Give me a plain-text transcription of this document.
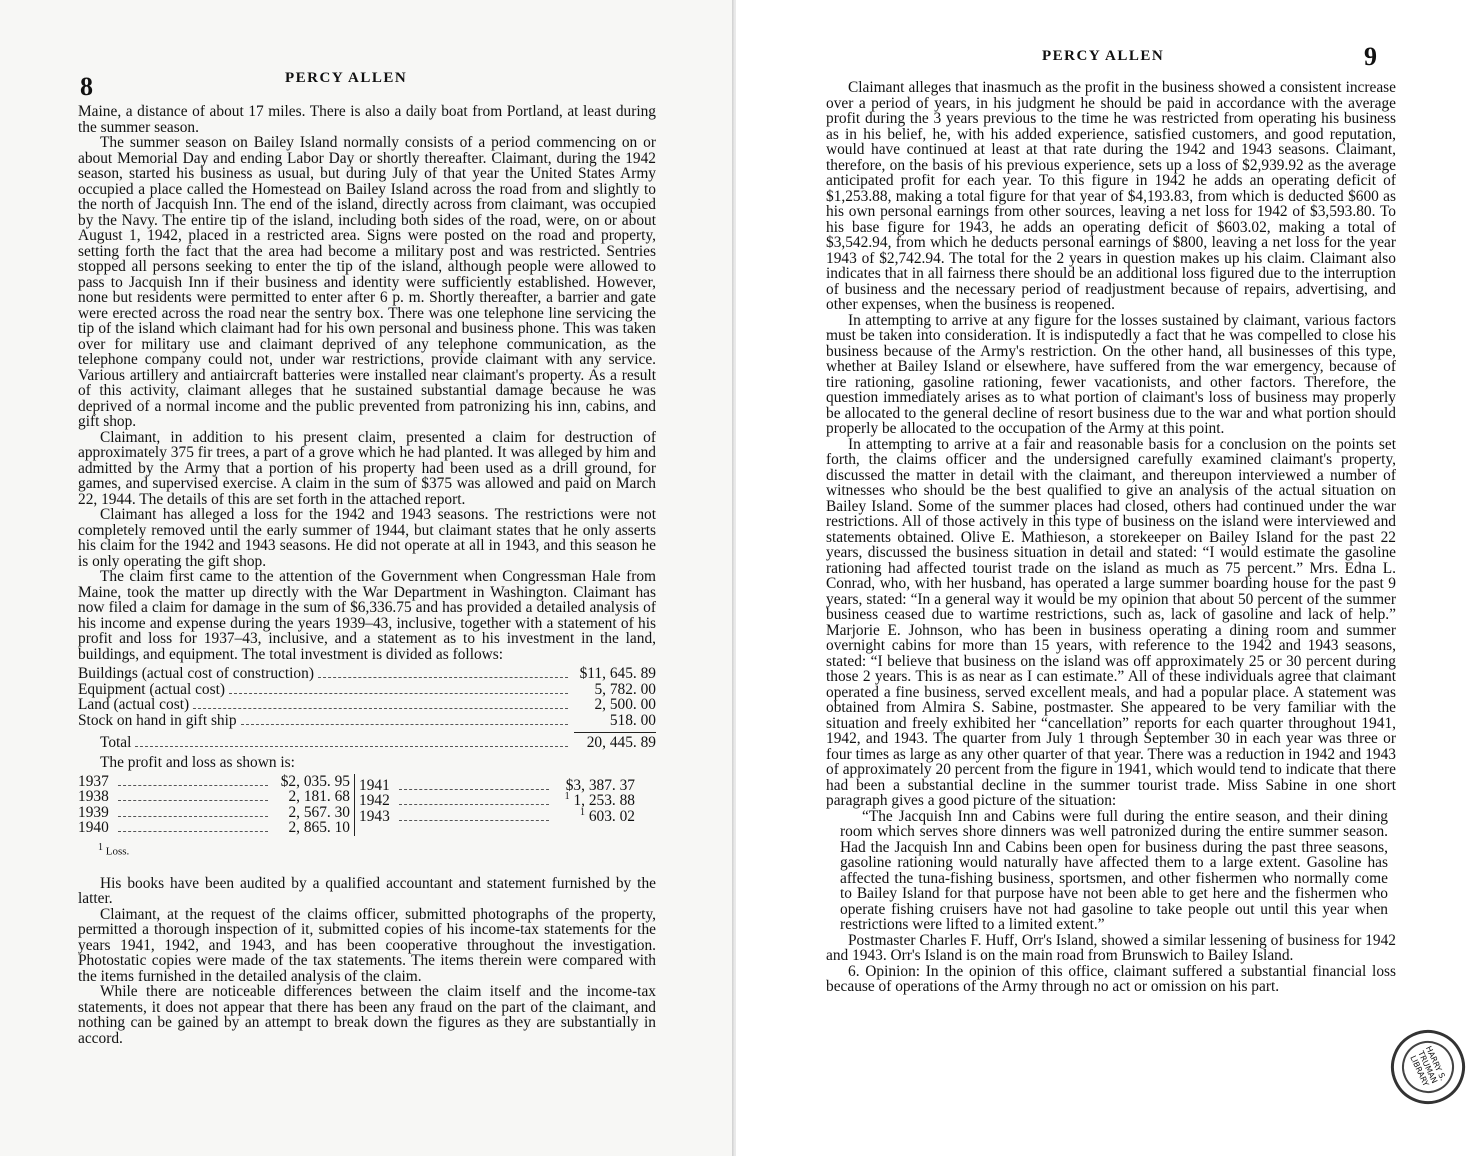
8	PERCY ALLEN

Maine, a distance of about 17 miles. There is also a daily boat from Portland, at least during the summer season.

The summer season on Bailey Island normally consists of a period commencing on or about Memorial Day and ending Labor Day or shortly thereafter. Claimant, during the 1942 season, started his business as usual, but during July of that year the United States Army occupied a place called the Homestead on Bailey Island across the road from and slightly to the north of Jacquish Inn. The end of the island, directly across from claimant, was occupied by the Navy. The entire tip of the island, including both sides of the road, were, on or about August 1, 1942, placed in a restricted area. Signs were posted on the road and property, setting forth the fact that the area had become a military post and was restricted. Sentries stopped all persons seeking to enter the tip of the island, although people were allowed to pass to Jacquish Inn if their business and identity were sufficiently established. However, none but residents were permitted to enter after 6 p. m. Shortly thereafter, a barrier and gate were erected across the road near the sentry box. There was one telephone line servicing the tip of the island which claimant had for his own personal and business phone. This was taken over for military use and claimant deprived of any telephone communication, as the telephone company could not, under war restrictions, provide claimant with any service. Various artillery and antiaircraft batteries were installed near claimant's property. As a result of this activity, claimant alleges that he sustained substantial damage because he was deprived of a normal income and the public prevented from patronizing his inn, cabins, and gift shop.

Claimant, in addition to his present claim, presented a claim for destruction of approximately 375 fir trees, a part of a grove which he had planted. It was alleged by him and admitted by the Army that a portion of his property had been used as a drill ground, for games, and supervised exercise. A claim in the sum of $375 was allowed and paid on March 22, 1944. The details of this are set forth in the attached report.

Claimant has alleged a loss for the 1942 and 1943 seasons. The restrictions were not completely removed until the early summer of 1944, but claimant states that he only asserts his claim for the 1942 and 1943 seasons. He did not operate at all in 1943, and this season he is only operating the gift shop.

The claim first came to the attention of the Government when Congressman Hale from Maine, took the matter up directly with the War Department in Washington. Claimant has now filed a claim for damage in the sum of $6,336.75 and has provided a detailed analysis of his income and expense during the years 1939–43, inclusive, together with a statement of his profit and loss for 1937–43, inclusive, and a statement as to his investment in the land, buildings, and equipment. The total investment is divided as follows:

Buildings (actual cost of construction)	$11, 645. 89
Equipment (actual cost)	5, 782. 00
Land (actual cost)	2, 500. 00
Stock on hand in gift ship	518. 00
Total	20, 445. 89

The profit and loss as shown is:

1937	$2, 035. 95
1938	2, 181. 68
1939	2, 567. 30
1940	2, 865. 10
1941	$3, 387. 37
1942	$^1$ 1, 253. 88
1943	$^1$ 603. 02
1 Loss.

His books have been audited by a qualified accountant and statement furnished by the latter.

Claimant, at the request of the claims officer, submitted photographs of the property, permitted a thorough inspection of it, submitted copies of his income-tax statements for the years 1941, 1942, and 1943, and has been cooperative throughout the investigation. Photostatic copies were made of the tax statements. The items therein were compared with the items furnished in the detailed analysis of the claim.

While there are noticeable differences between the claim itself and the income-tax statements, it does not appear that there has been any fraud on the part of the claimant, and nothing can be gained by an attempt to break down the figures as they are substantially in accord.

PERCY ALLEN	9

Claimant alleges that inasmuch as the profit in the business showed a consistent increase over a period of years, in his judgment he should be paid in accordance with the average profit during the 3 years previous to the time he was restricted from operating his business as in his belief, he, with his added experience, satisfied customers, and good reputation, would have continued at least at that rate during the 1942 and 1943 seasons. Claimant, therefore, on the basis of his previous experience, sets up a loss of $2,939.92 as the average anticipated profit for each year. To this figure in 1942 he adds an operating deficit of $1,253.88, making a total figure for that year of $4,193.83, from which is deducted $600 as his own personal earnings from other sources, leaving a net loss for 1942 of $3,593.80. To his base figure for 1943, he adds an operating deficit of $603.02, making a total of $3,542.94, from which he deducts personal earnings of $800, leaving a net loss for the year 1943 of $2,742.94. The total for the 2 years in question makes up his claim. Claimant also indicates that in all fairness there should be an additional loss figured due to the interruption of business and the necessary period of readjustment because of repairs, advertising, and other expenses, when the business is reopened.

In attempting to arrive at any figure for the losses sustained by claimant, various factors must be taken into consideration. It is indisputedly a fact that he was compelled to close his business because of the Army's restriction. On the other hand, all businesses of this type, whether at Bailey Island or elsewhere, have suffered from the war emergency, because of tire rationing, gasoline rationing, fewer vacationists, and other factors. Therefore, the question immediately arises as to what portion of claimant's loss of business may properly be allocated to the general decline of resort business due to the war and what portion should properly be allocated to the occupation of the Army at this point.

In attempting to arrive at a fair and reasonable basis for a conclusion on the points set forth, the claims officer and the undersigned carefully examined claimant's property, discussed the matter in detail with the claimant, and thereupon interviewed a number of witnesses who should be the best qualified to give an analysis of the actual situation on Bailey Island. Some of the summer places had closed, others had continued under the war restrictions. All of those actively in this type of business on the island were interviewed and statements obtained. Olive E. Mathieson, a storekeeper on Bailey Island for the past 22 years, discussed the business situation in detail and stated: “I would estimate the gasoline rationing had affected tourist trade on the island as much as 75 percent.” Mrs. Edna L. Conrad, who, with her husband, has operated a large summer boarding house for the past 9 years, stated: “In a general way it would be my opinion that about 50 percent of the summer business ceased due to wartime restrictions, such as, lack of gasoline and lack of help.” Marjorie E. Johnson, who has been in business operating a dining room and summer overnight cabins for more than 15 years, with reference to the 1942 and 1943 seasons, stated: “I believe that business on the island was off approximately 25 or 30 percent during those 2 years. This is as near as I can estimate.” All of these individuals agree that claimant operated a fine business, served excellent meals, and had a popular place. A statement was obtained from Almira S. Sabine, postmaster. She appeared to be very familiar with the situation and freely exhibited her “cancellation” reports for each quarter throughout 1941, 1942, and 1943. The quarter from July 1 through September 30 in each year was three or four times as large as any other quarter of that year. There was a reduction in 1942 and 1943 of approximately 20 percent from the figure in 1941, which would tend to indicate that there had been a substantial decline in the summer tourist trade. Miss Sabine in one short paragraph gives a good picture of the situation:

“The Jacquish Inn and Cabins were full during the entire season, and their dining room which serves shore dinners was well patronized during the entire summer season. Had the Jacquish Inn and Cabins been open for business during the past three seasons, gasoline rationing would naturally have affected them to a large extent. Gasoline has affected the tuna-fishing business, sportsmen, and other fishermen who normally come to Bailey Island for that purpose have not been able to get here and the fishermen who operate fishing cruisers have not had gasoline to take people out until this year when restrictions were lifted to a limited extent.”

Postmaster Charles F. Huff, Orr's Island, showed a similar lessening of business for 1942 and 1943. Orr's Island is on the main road from Brunswich to Bailey Island.

6. Opinion: In the opinion of this office, claimant suffered a substantial financial loss because of operations of the Army through no act or omission on his part.

HARRY S. TRUMAN LIBRARY
